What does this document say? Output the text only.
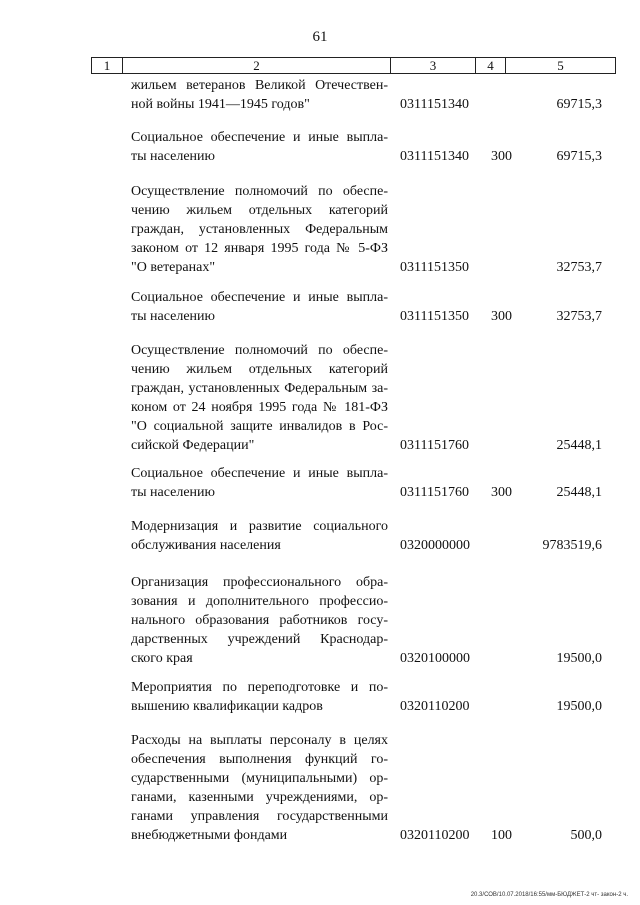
61
1	2	3	4	5
жильем ветеранов Великой Отечествен-
ной войны 1941—1945 годов"	0311151340	69715,3
Социальное обеспечение и иные выпла-
ты населению	0311151340 300	69715,3
Осуществление полномочий по обеспе-
чению жильем отдельных категорий
граждан, установленных Федеральным
законом от 12 января 1995 года № 5-ФЗ
"О ветеранах"	0311151350	32753,7
Социальное обеспечение и иные выпла-
ты населению	0311151350 300	32753,7
Осуществление полномочий по обеспе-
чению жильем отдельных категорий
граждан, установленных Федеральным за-
коном от 24 ноября 1995 года № 181-ФЗ
"О социальной защите инвалидов в Рос-
сийской Федерации"	0311151760	25448,1
Социальное обеспечение и иные выпла-
ты населению	0311151760 300	25448,1
Модернизация и развитие социального
обслуживания населения	0320000000	9783519,6
Организация профессионального обра-
зования и дополнительного профессио-
нального образования работников госу-
дарственных учреждений Краснодар-
ского края	0320100000	19500,0
Мероприятия по переподготовке и по-
вышению квалификации кадров	0320110200	19500,0
Расходы на выплаты персоналу в целях
обеспечения выполнения функций го-
сударственными (муниципальными) ор-
ганами, казенными учреждениями, ор-
ганами управления государственными
внебюджетными фондами	0320110200 100	500,0
20.3/СОВ/10.07.2018/16:55/мм-БЮДЖЕТ-2 чт- закон-2 ч.
